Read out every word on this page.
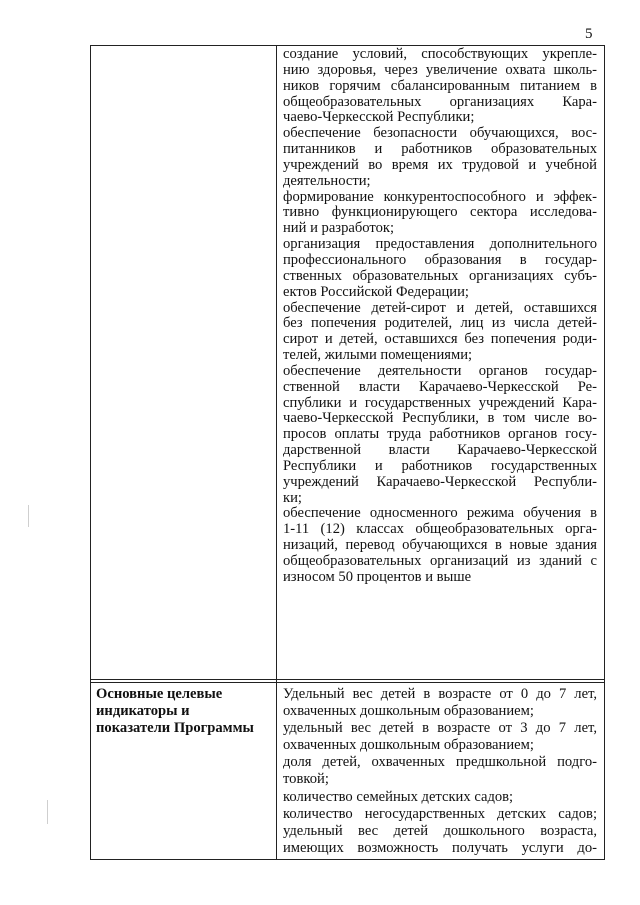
5
создание условий, способствующих укрепле-
нию здоровья, через увеличение охвата школь-
ников горячим сбалансированным питанием в
общеобразовательных организациях Кара-
чаево-Черкесской Республики;
обеспечение безопасности обучающихся, вос-
питанников и работников образовательных
учреждений во время их трудовой и учебной
деятельности;
формирование конкурентоспособного и эффек-
тивно функционирующего сектора исследова-
ний и разработок;
организация предоставления дополнительного
профессионального образования в государ-
ственных образовательных организациях субъ-
ектов Российской Федерации;
обеспечение детей-сирот и детей, оставшихся
без попечения родителей, лиц из числа детей-
сирот и детей, оставшихся без попечения роди-
телей, жилыми помещениями;
обеспечение деятельности органов государ-
ственной власти Карачаево-Черкесской Ре-
спублики и государственных учреждений Кара-
чаево-Черкесской Республики, в том числе во-
просов оплаты труда работников органов госу-
дарственной власти Карачаево-Черкесской
Республики и работников государственных
учреждений Карачаево-Черкесской Республи-
ки;
обеспечение односменного режима обучения в
1-11 (12) классах общеобразовательных орга-
низаций, перевод обучающихся в новые здания
общеобразовательных организаций из зданий с
износом 50 процентов и выше
Основные целевые
индикаторы и
показатели Программы
Удельный вес детей в возрасте от 0 до 7 лет,
охваченных дошкольным образованием;
удельный вес детей в возрасте от 3 до 7 лет,
охваченных дошкольным образованием;
доля детей, охваченных предшкольной подго-
товкой;
количество семейных детских садов;
количество негосударственных детских садов;
удельный вес детей дошкольного возраста,
имеющих возможность получать услуги до-
